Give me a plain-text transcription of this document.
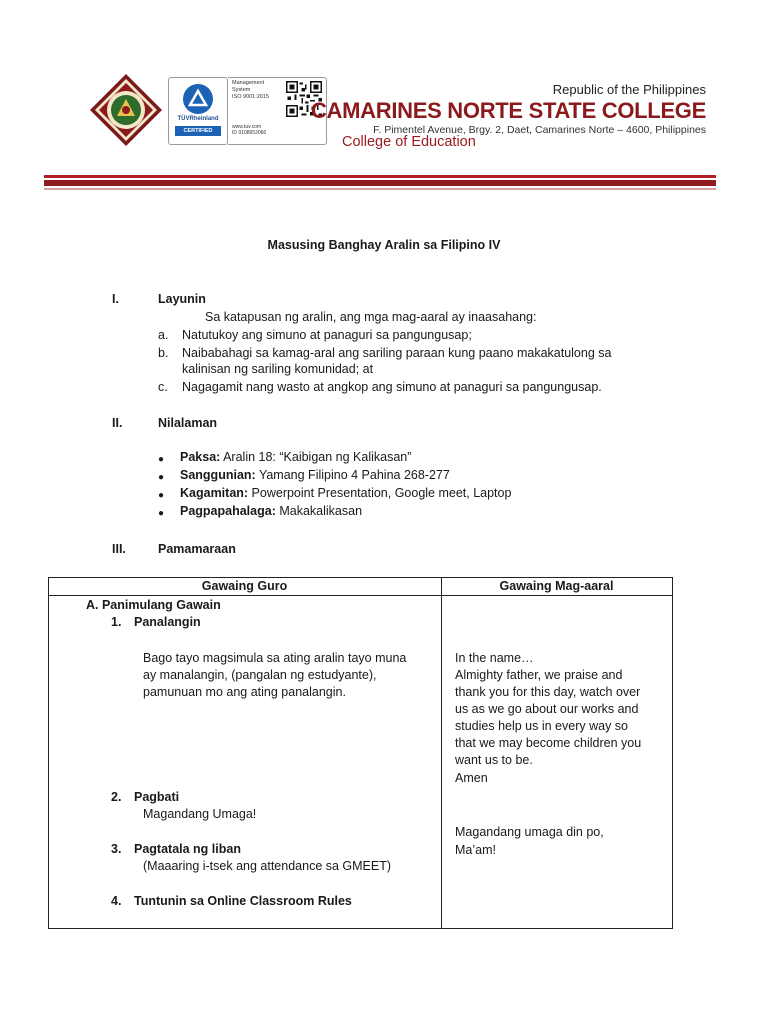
TÜVRheinland
CERTIFIED
Management
System
ISO 9001:2015
www.tuv.com
ID 9108652066
Republic of the Philippines
CAMARINES NORTE STATE COLLEGE
F. Pimentel Avenue, Brgy. 2, Daet, Camarines Norte – 4600, Philippines
College of Education
Masusing Banghay Aralin sa Filipino IV
I.	Layunin
Sa katapusan ng aralin, ang mga mag-aaral ay inaasahang:
a. Natutukoy ang simuno at panaguri sa pangungusap;
b. Naibabahagi sa kamag-aral ang sariling paraan kung paano makakatulong sa
kalinisan ng sariling komunidad; at
c. Nagagamit nang wasto at angkop ang simuno at panaguri sa pangungusap.
II.	Nilalaman
● Paksa: Aralin 18: “Kaibigan ng Kalikasan”
● Sanggunian: Yamang Filipino 4 Pahina 268-277
● Kagamitan: Powerpoint Presentation, Google meet, Laptop
● Pagpapahalaga: Makakalikasan
III.	Pamamaraan
Gawaing Guro	Gawaing Mag-aaral
A. Panimulang Gawain
1. Panalangin
Bago tayo magsimula sa ating aralin tayo muna
ay manalangin, (pangalan ng estudyante),
pamunuan mo ang ating panalangin.
In the name…
Almighty father, we praise and
thank you for this day, watch over
us as we go about our works and
studies help us in every way so
that we may become children you
want us to be.
Amen
2. Pagbati
Magandang Umaga!
Magandang umaga din po,
Ma’am!
3. Pagtatala ng liban
(Maaaring i-tsek ang attendance sa GMEET)
4. Tuntunin sa Online Classroom Rules
